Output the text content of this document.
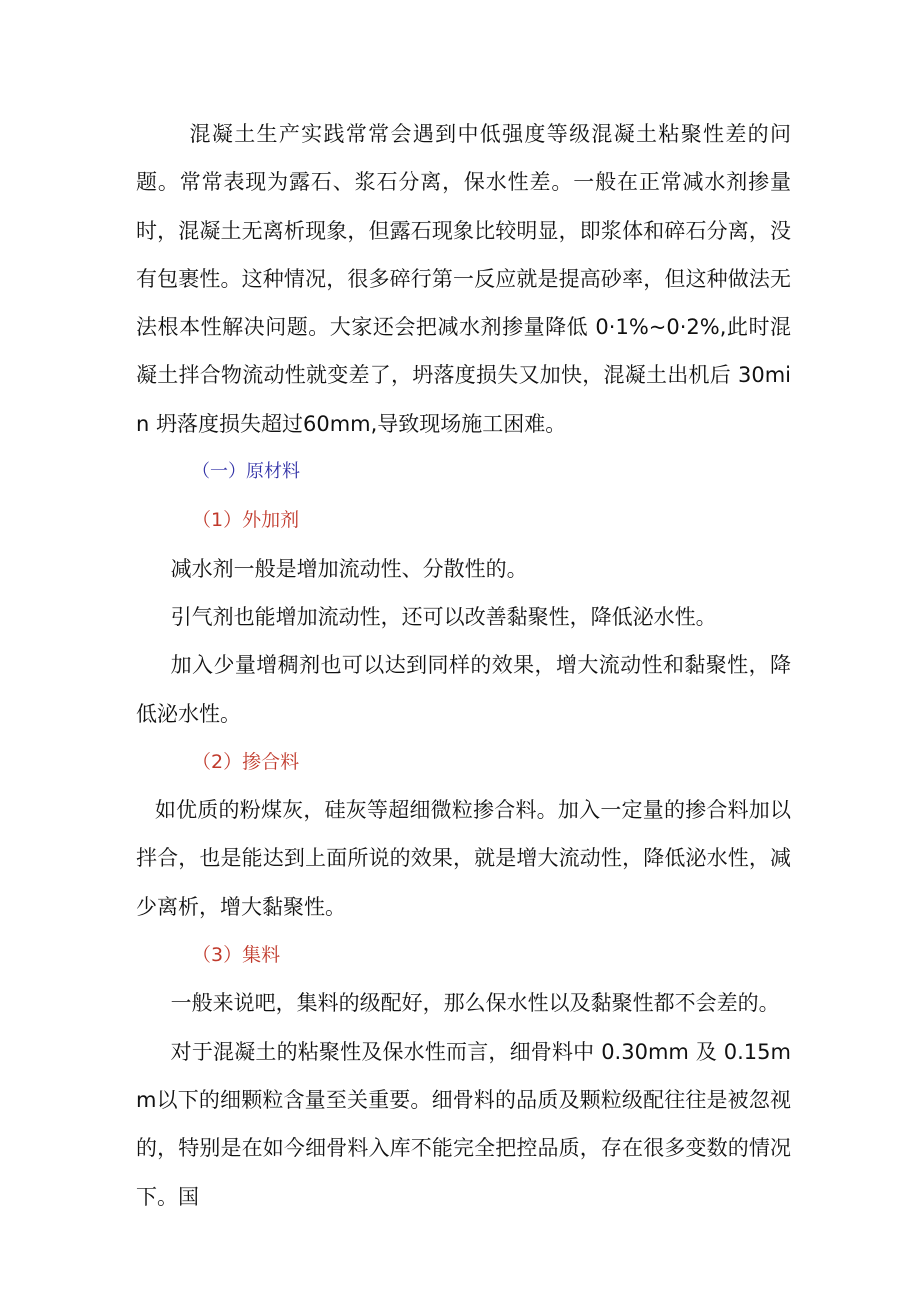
混凝土生产实践常常会遇到中低强度等级混凝土粘聚性差的问题。常常表现为露石、浆石分离，保水性差。一般在正常减水剂掺量时，混凝土无离析现象，但露石现象比较明显，即浆体和碎石分离，没有包裹性。这种情况，很多碎行第一反应就是提高砂率，但这种做法无法根本性解决问题。大家还会把减水剂掺量降低 0·1%~0·2%,此时混凝土拌合物流动性就变差了，坍落度损失又加快，混凝土出机后 30min 坍落度损失超过60mm,导致现场施工困难。

（一）原材料

（1）外加剂

减水剂一般是增加流动性、分散性的。

引气剂也能增加流动性，还可以改善黏聚性，降低泌水性。

加入少量增稠剂也可以达到同样的效果，增大流动性和黏聚性，降低泌水性。

（2）掺合料

如优质的粉煤灰，硅灰等超细微粒掺合料。加入一定量的掺合料加以拌合，也是能达到上面所说的效果，就是增大流动性，降低泌水性，减少离析，增大黏聚性。

（3）集料

一般来说吧，集料的级配好，那么保水性以及黏聚性都不会差的。

对于混凝土的粘聚性及保水性而言，细骨料中 0.30mm 及 0.15mm以下的细颗粒含量至关重要。细骨料的品质及颗粒级配往往是被忽视的，特别是在如今细骨料入库不能完全把控品质，存在很多变数的情况下。国
